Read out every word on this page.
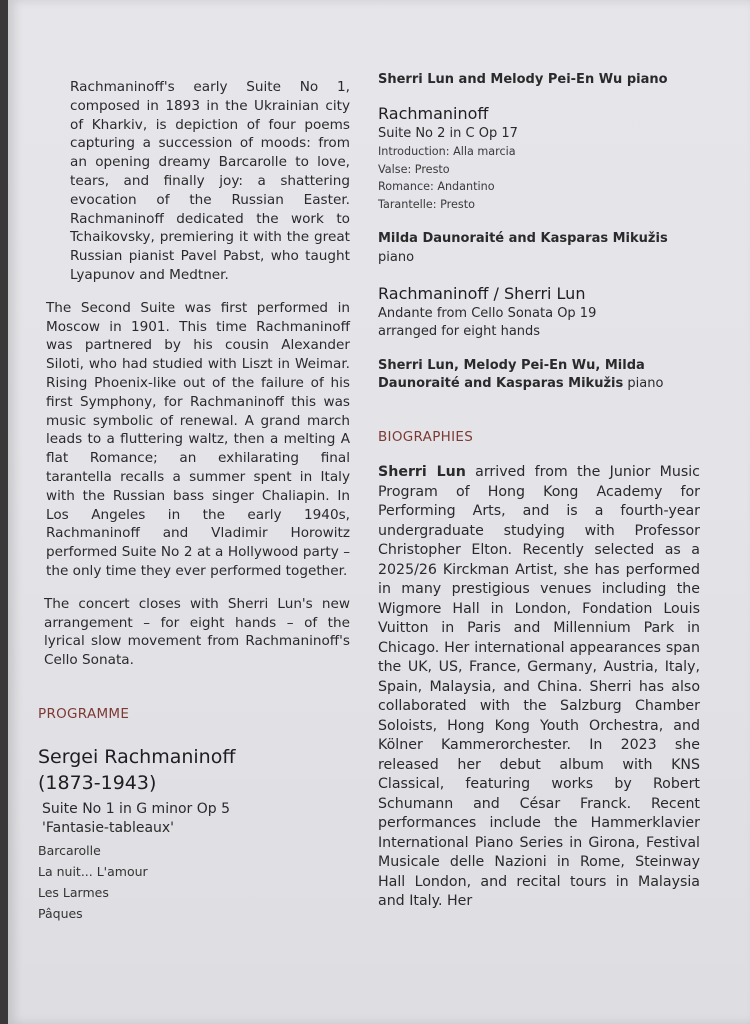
Rachmaninoff's early Suite No 1, composed in 1893 in the Ukrainian city of Kharkiv, is depiction of four poems capturing a succession of moods: from an opening dreamy Barcarolle to love, tears, and finally joy: a shattering evocation of the Russian Easter. Rachmaninoff dedicated the work to Tchaikovsky, premiering it with the great Russian pianist Pavel Pabst, who taught Lyapunov and Medtner.

The Second Suite was first performed in Moscow in 1901. This time Rachmaninoff was partnered by his cousin Alexander Siloti, who had studied with Liszt in Weimar. Rising Phoenix-like out of the failure of his first Symphony, for Rachmaninoff this was music symbolic of renewal. A grand march leads to a fluttering waltz, then a melting A flat Romance; an exhilarating final tarantella recalls a summer spent in Italy with the Russian bass singer Chaliapin. In Los Angeles in the early 1940s, Rachmaninoff and Vladimir Horowitz performed Suite No 2 at a Hollywood party – the only time they ever performed together.

The concert closes with Sherri Lun's new arrangement – for eight hands – of the lyrical slow movement from Rachmaninoff's Cello Sonata.

PROGRAMME

Sergei Rachmaninoff

(1873-1943)

Suite No 1 in G minor Op 5

'Fantasie-tableaux'

Barcarolle

La nuit... L'amour

Les Larmes

Pâques

Sherri Lun and Melody Pei-En Wu piano

Rachmaninoff

Suite No 2 in C Op 17

Introduction: Alla marcia

Valse: Presto

Romance: Andantino

Tarantelle: Presto

Milda Daunoraité and Kasparas Mikužis

piano

Rachmaninoff / Sherri Lun

Andante from Cello Sonata Op 19

arranged for eight hands

Sherri Lun, Melody Pei-En Wu, Milda Daunoraité and Kasparas Mikužis piano

BIOGRAPHIES

Sherri Lun arrived from the Junior Music Program of Hong Kong Academy for Performing Arts, and is a fourth-year undergraduate studying with Professor Christopher Elton. Recently selected as a 2025/26 Kirckman Artist, she has performed in many prestigious venues including the Wigmore Hall in London, Fondation Louis Vuitton in Paris and Millennium Park in Chicago. Her international appearances span the UK, US, France, Germany, Austria, Italy, Spain, Malaysia, and China. Sherri has also collaborated with the Salzburg Chamber Soloists, Hong Kong Youth Orchestra, and Kölner Kammerorchester. In 2023 she released her debut album with KNS Classical, featuring works by Robert Schumann and César Franck. Recent performances include the Hammerklavier International Piano Series in Girona, Festival Musicale delle Nazioni in Rome, Steinway Hall London, and recital tours in Malaysia and Italy. Her
